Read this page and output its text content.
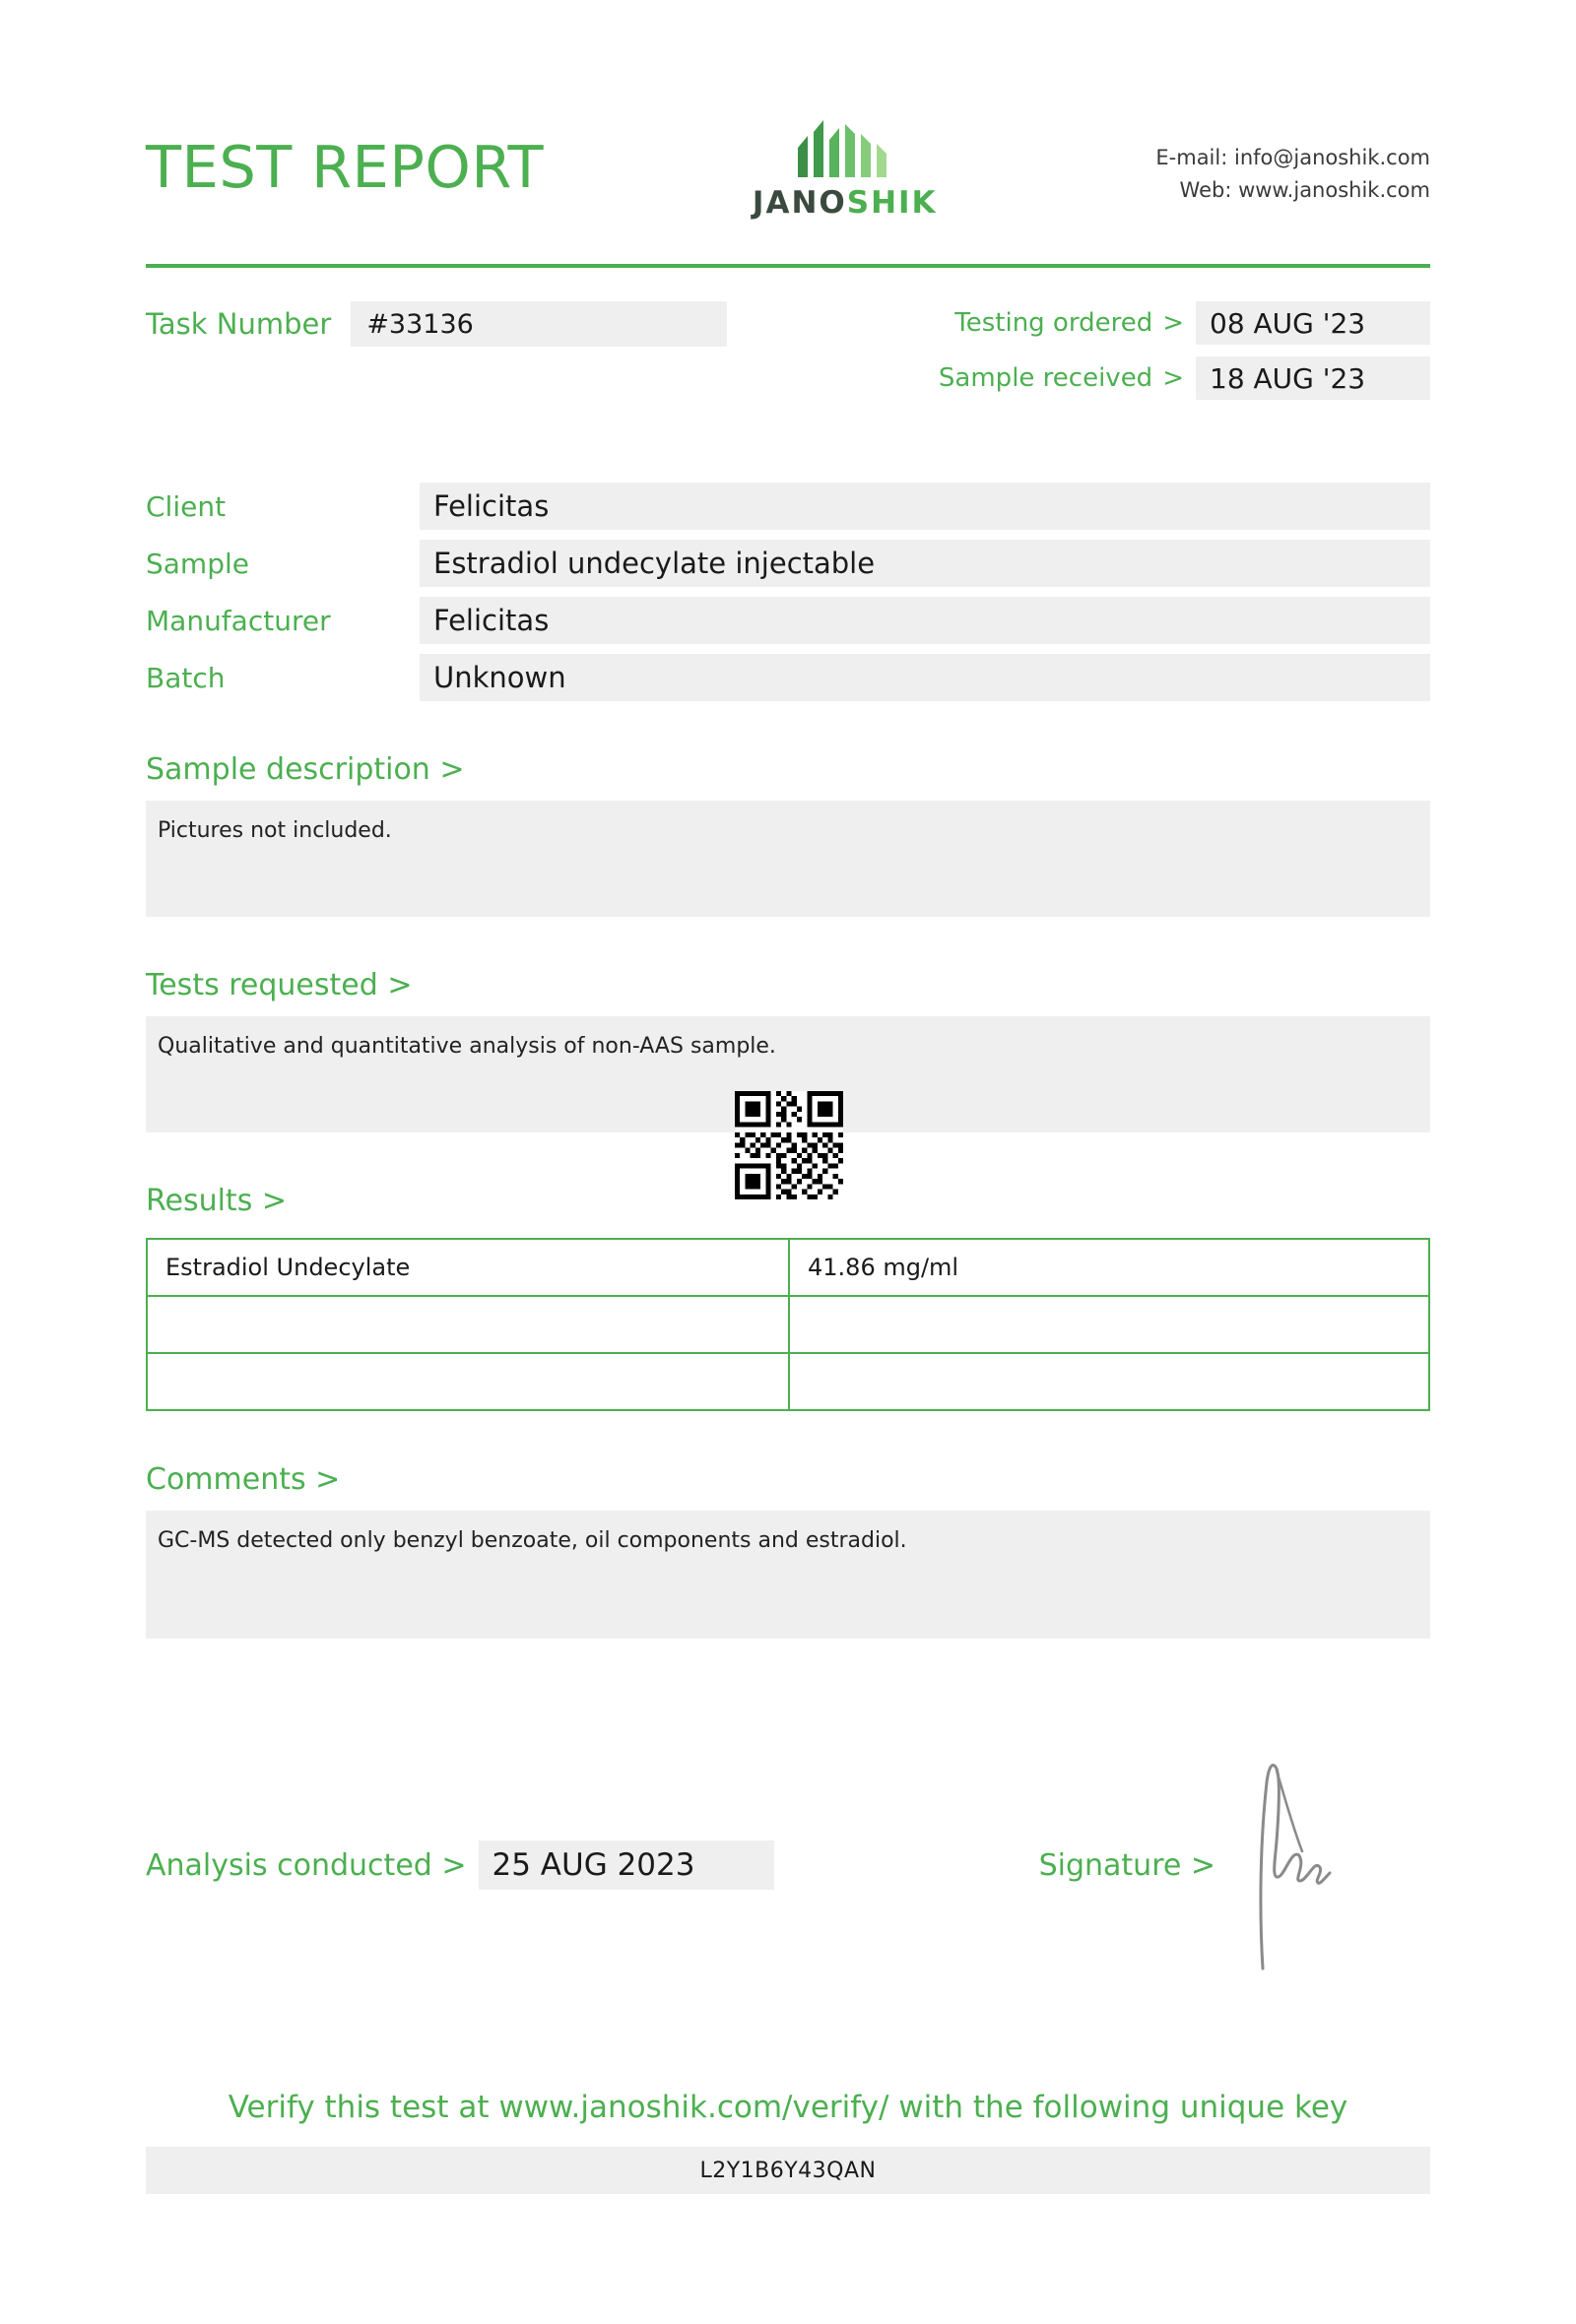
TEST REPORT
JANOSHIK
E-mail: info@janoshik.com
Web: www.janoshik.com
Task Number	#33136	Testing ordered > 08 AUG '23
Sample received > 18 AUG '23
Client	Felicitas
Sample	Estradiol undecylate injectable
Manufacturer	Felicitas
Batch	Unknown
Sample description >
Pictures not included.
Tests requested >
Qualitative and quantitative analysis of non-AAS sample.
Results >
Estradiol Undecylate	41.86 mg/ml

Comments >
GC-MS detected only benzyl benzoate, oil components and estradiol.
Analysis conducted > 25 AUG 2023	Signature >
Verify this test at www.janoshik.com/verify/ with the following unique key
L2Y1B6Y43QAN
